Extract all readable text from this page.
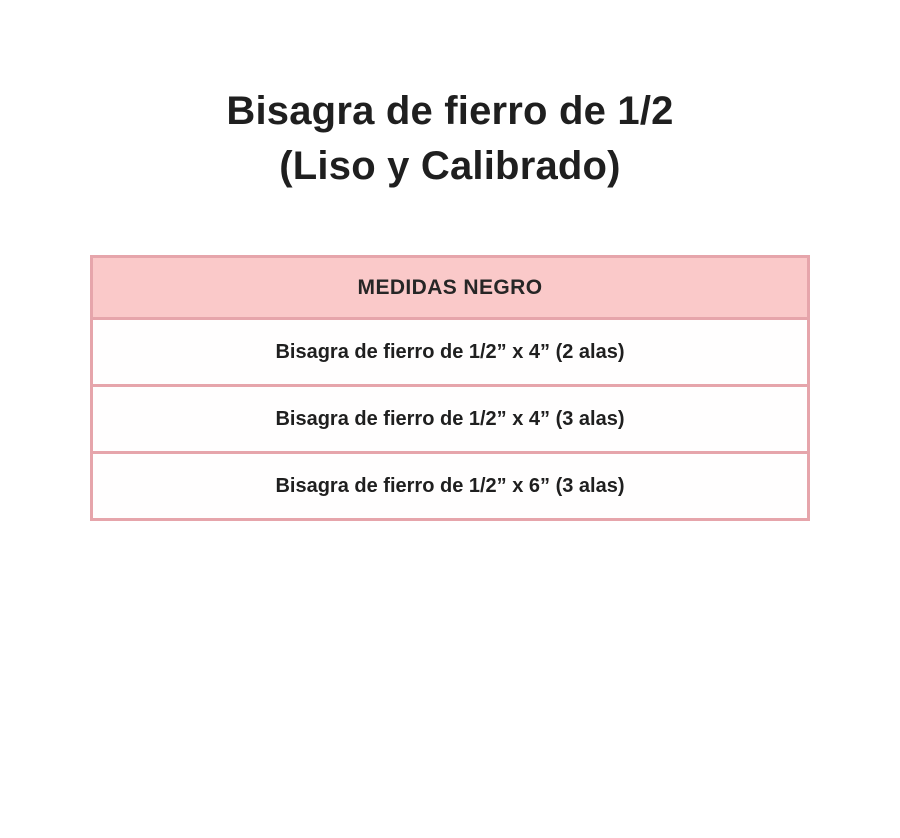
Bisagra de fierro de 1/2
(Liso y Calibrado)
MEDIDAS NEGRO
Bisagra de fierro de 1/2” x 4” (2 alas)
Bisagra de fierro de 1/2” x 4” (3 alas)
Bisagra de fierro de 1/2” x 6” (3 alas)
